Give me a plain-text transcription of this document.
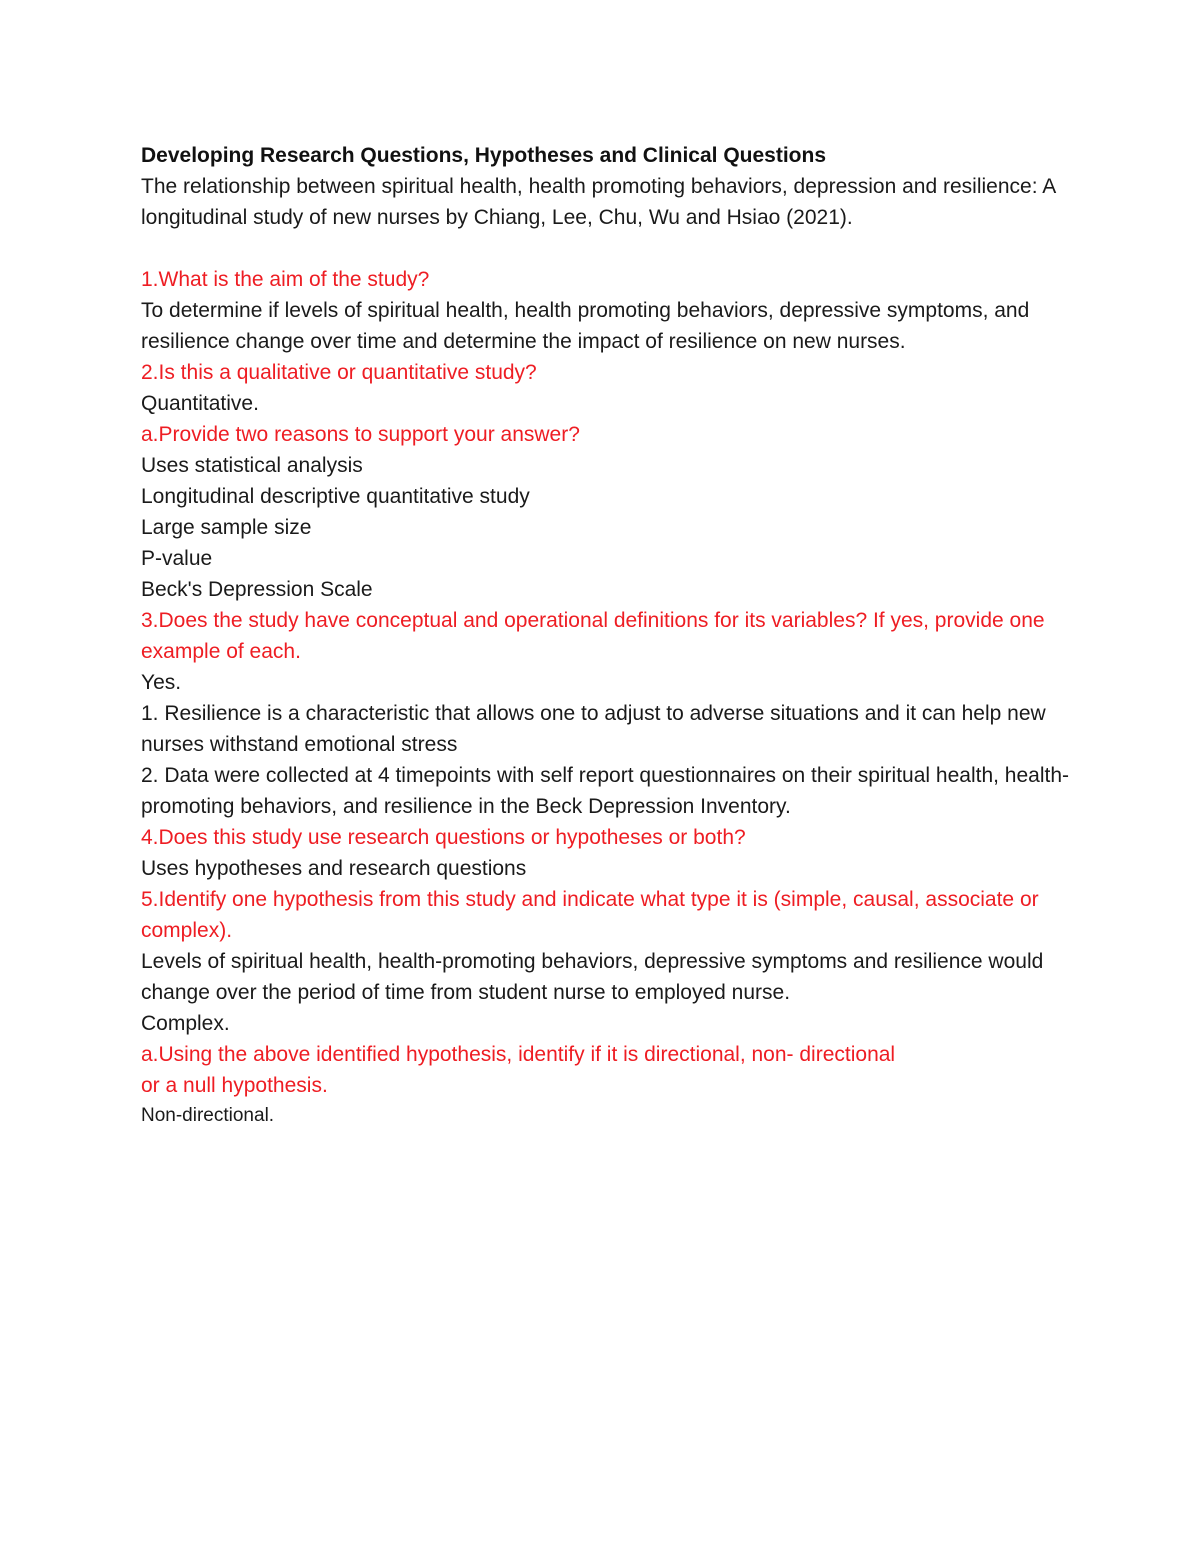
Developing Research Questions, Hypotheses and Clinical Questions

The relationship between spiritual health, health promoting behaviors, depression and resilience: A longitudinal study of new nurses by Chiang, Lee, Chu, Wu and Hsiao (2021).

1.What is the aim of the study?

To determine if levels of spiritual health, health promoting behaviors, depressive symptoms, and resilience change over time and determine the impact of resilience on new nurses.

2.Is this a qualitative or quantitative study?

Quantitative.

a.Provide two reasons to support your answer?

Uses statistical analysis

Longitudinal descriptive quantitative study

Large sample size

P-value

Beck's Depression Scale

3.Does the study have conceptual and operational definitions for its variables? If yes, provide one example of each.

Yes.

1. Resilience is a characteristic that allows one to adjust to adverse situations and it can help new nurses withstand emotional stress

2. Data were collected at 4 timepoints with self report questionnaires on their spiritual health, health-promoting behaviors, and resilience in the Beck Depression Inventory.

4.Does this study use research questions or hypotheses or both?

Uses hypotheses and research questions

5.Identify one hypothesis from this study and indicate what type it is (simple, causal, associate or complex).

Levels of spiritual health, health-promoting behaviors, depressive symptoms and resilience would change over the period of time from student nurse to employed nurse.

Complex.

a.Using the above identified hypothesis, identify if it is directional, non- directional

or a null hypothesis.

Non-directional.
